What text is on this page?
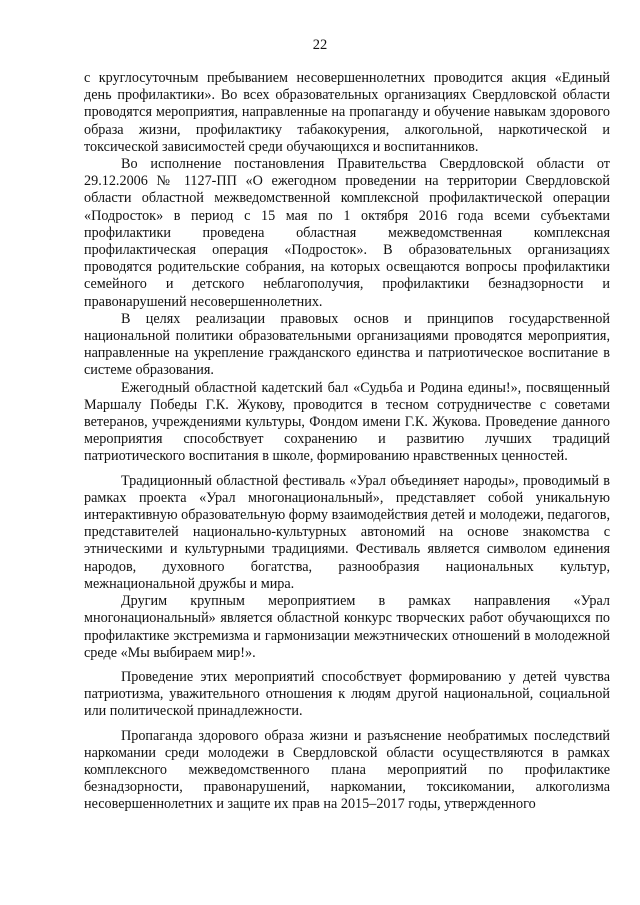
22

с круглосуточным пребыванием несовершеннолетних проводится акция «Единый день профилактики». Во всех образовательных организациях Свердловской области проводятся мероприятия, направленные на пропаганду и обучение навыкам здорового образа жизни, профилактику табакокурения, алкогольной, наркотической и токсической зависимостей среди обучающихся и воспитанников.

Во исполнение постановления Правительства Свердловской области от 29.12.2006 № 1127-ПП «О ежегодном проведении на территории Свердловской области областной межведомственной комплексной профилактической операции «Подросток» в период с 15 мая по 1 октября 2016 года всеми субъектами профилактики проведена областная межведомственная комплексная профилактическая операция «Подросток». В образовательных организациях проводятся родительские собрания, на которых освещаются вопросы профилактики семейного и детского неблагополучия, профилактики безнадзорности и правонарушений несовершеннолетних.

В целях реализации правовых основ и принципов государственной национальной политики образовательными организациями проводятся мероприятия, направленные на укрепление гражданского единства и патриотическое воспитание в системе образования.

Ежегодный областной кадетский бал «Судьба и Родина едины!», посвященный Маршалу Победы Г.К. Жукову, проводится в тесном сотрудничестве с советами ветеранов, учреждениями культуры, Фондом имени Г.К. Жукова. Проведение данного мероприятия способствует сохранению и развитию лучших традиций патриотического воспитания в школе, формированию нравственных ценностей.

Традиционный областной фестиваль «Урал объединяет народы», проводимый в рамках проекта «Урал многонациональный», представляет собой уникальную интерактивную образовательную форму взаимодействия детей и молодежи, педагогов, представителей национально-культурных автономий на основе знакомства с этническими и культурными традициями. Фестиваль является символом единения народов, духовного богатства, разнообразия национальных культур, межнациональной дружбы и мира.

Другим крупным мероприятием в рамках направления «Урал многонациональный» является областной конкурс творческих работ обучающихся по профилактике экстремизма и гармонизации межэтнических отношений в молодежной среде «Мы выбираем мир!».

Проведение этих мероприятий способствует формированию у детей чувства патриотизма, уважительного отношения к людям другой национальной, социальной или политической принадлежности.

Пропаганда здорового образа жизни и разъяснение необратимых последствий наркомании среди молодежи в Свердловской области осуществляются в рамках комплексного межведомственного плана мероприятий по профилактике безнадзорности, правонарушений, наркомании, токсикомании, алкоголизма несовершеннолетних и защите их прав на 2015–2017 годы, утвержденного
